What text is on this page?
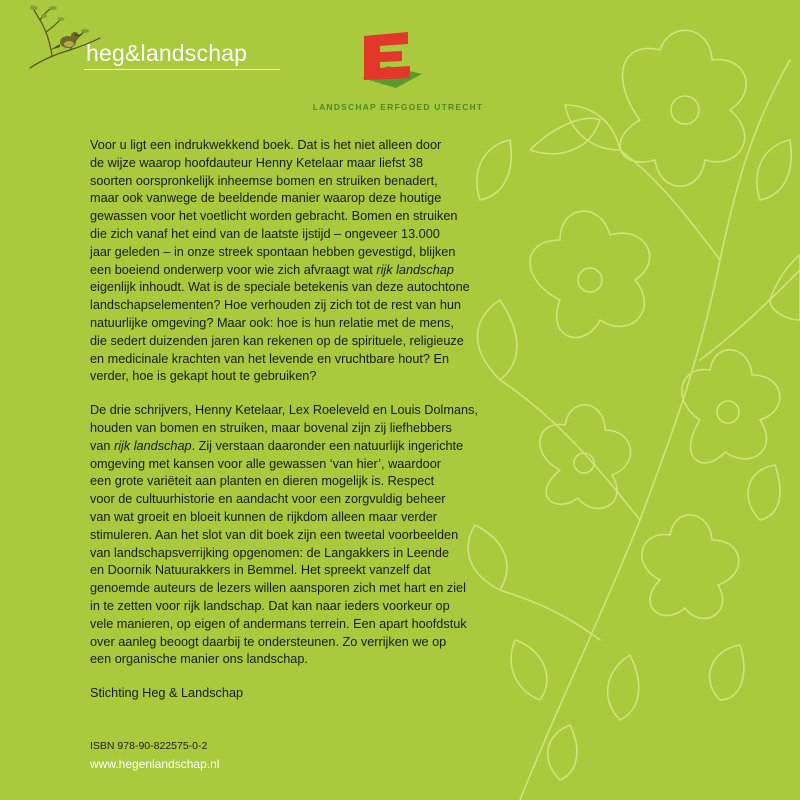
heg&landschap
LANDSCHAP ERFGOED UTRECHT

Voor u ligt een indrukwekkend boek. Dat is het niet alleen door
de wijze waarop hoofdauteur Henny Ketelaar maar liefst 38
soorten oorspronkelijk inheemse bomen en struiken benadert,
maar ook vanwege de beeldende manier waarop deze houtige
gewassen voor het voetlicht worden gebracht. Bomen en struiken
die zich vanaf het eind van de laatste ijstijd – ongeveer 13.000
jaar geleden – in onze streek spontaan hebben gevestigd, blijken
een boeiend onderwerp voor wie zich afvraagt wat rijk landschap
eigenlijk inhoudt. Wat is de speciale betekenis van deze autochtone
landschapselementen? Hoe verhouden zij zich tot de rest van hun
natuurlijke omgeving? Maar ook: hoe is hun relatie met de mens,
die sedert duizenden jaren kan rekenen op de spirituele, religieuze
en medicinale krachten van het levende en vruchtbare hout? En
verder, hoe is gekapt hout te gebruiken?

De drie schrijvers, Henny Ketelaar, Lex Roeleveld en Louis Dolmans,
houden van bomen en struiken, maar bovenal zijn zij liefhebbers
van rijk landschap. Zij verstaan daaronder een natuurlijk ingerichte
omgeving met kansen voor alle gewassen ‘van hier’, waardoor
een grote variëteit aan planten en dieren mogelijk is. Respect
voor de cultuurhistorie en aandacht voor een zorgvuldig beheer
van wat groeit en bloeit kunnen de rijkdom alleen maar verder
stimuleren. Aan het slot van dit boek zijn een tweetal voorbeelden
van landschapsverrijking opgenomen: de Langakkers in Leende
en Doornik Natuurakkers in Bemmel. Het spreekt vanzelf dat
genoemde auteurs de lezers willen aansporen zich met hart en ziel
in te zetten voor rijk landschap. Dat kan naar ieders voorkeur op
vele manieren, op eigen of andermans terrein. Een apart hoofdstuk
over aanleg beoogt daarbij te ondersteunen. Zo verrijken we op
een organische manier ons landschap.

Stichting Heg & Landschap

ISBN 978-90-822575-0-2
www.hegenlandschap.nl
